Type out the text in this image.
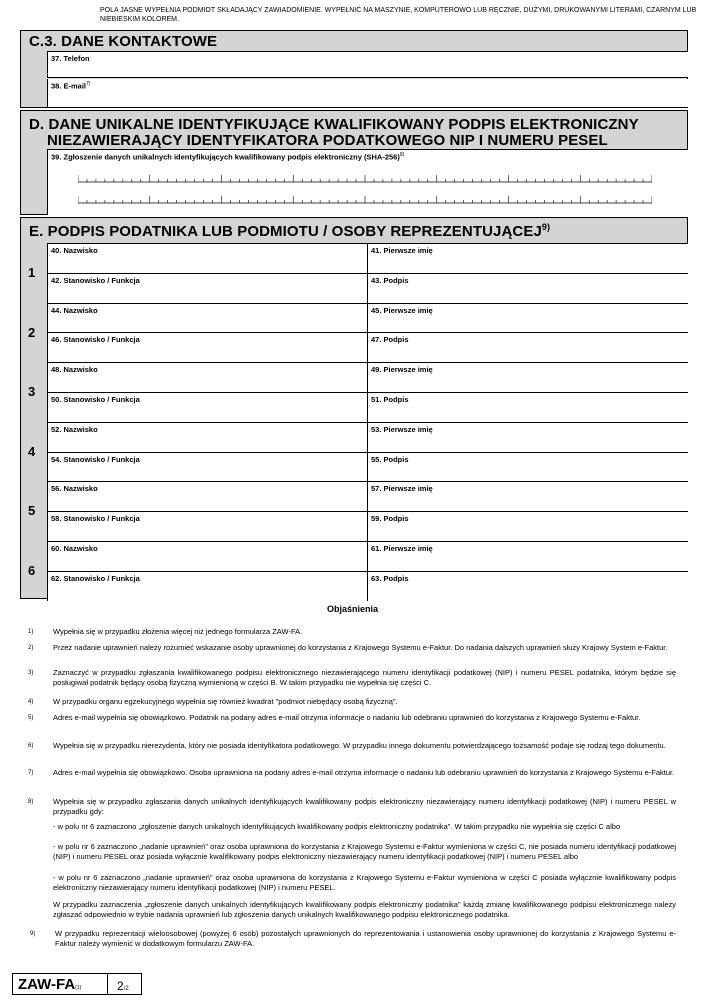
POLA JASNE WYPEŁNIA PODMIOT SKŁADAJĄCY ZAWIADOMIENIE. WYPEŁNIĆ NA MASZYNIE, KOMPUTEROWO LUB RĘCZNIE, DUŻYMI, DRUKOWANYMI LITERAMI, CZARNYM LUB NIEBIESKIM KOLOREM.
C.3. DANE KONTAKTOWE
37. Telefon
38. E-mail$^{7)}$
D. DANE UNIKALNE IDENTYFIKUJĄCE KWALIFIKOWANY PODPIS ELEKTRONICZNY
NIEZAWIERAJĄCY IDENTYFIKATORA PODATKOWEGO NIP I NUMERU PESEL
39. Zgłoszenie danych unikalnych identyfikujących kwalifikowany podpis elektroniczny $(SHA-256)^{8)}$
E. PODPIS PODATNIKA LUB PODMIOTU / OSOBY REPREZENTUJĄCEJ$^{9)}$
1
40. Nazwisko	41. Pierwsze imię
42. Stanowisko / Funkcja	43. Podpis
2
44. Nazwisko	45. Pierwsze imię
46. Stanowisko / Funkcja	47. Podpis
3
48. Nazwisko	49. Pierwsze imię
50. Stanowisko / Funkcja	51. Podpis
4
52. Nazwisko	53. Pierwsze imię
54. Stanowisko / Funkcja	55. Podpis
5
56. Nazwisko	57. Pierwsze imię
58. Stanowisko / Funkcja	59. Podpis
6
60. Nazwisko	61. Pierwsze imię
62. Stanowisko / Funkcja	63. Podpis
Objaśnienia
1)	Wypełnia się w przypadku złożenia więcej niż jednego formularza ZAW-FA.
2)	Przez nadanie uprawnień należy rozumieć wskazanie osoby uprawnionej do korzystania z Krajowego Systemu e-Faktur. Do nadania dalszych uprawnień służy Krajowy System e-Faktur.
3)	Zaznaczyć w przypadku zgłaszania kwalifikowanego podpisu elektronicznego niezawierającego numeru identyfikacji podatkowej (NIP) i numeru PESEL podatnika, którym będzie się posługiwał podatnik będący osobą fizyczną wymienioną w części B. W takim przypadku nie wypełnia się części C.
4)	W przypadku organu egzekucyjnego wypełnia się również kwadrat "podmiot niebędący osobą fizyczną".
5)	Adres e-mail wypełnia się obowiązkowo. Podatnik na podany adres e-mail otrzyma informacje o nadaniu lub odebraniu uprawnień do korzystania z Krajowego Systemu e-Faktur.
6)	Wypełnia się w przypadku nierezydenta, który nie posiada identyfikatora podatkowego. W przypadku innego dokumentu potwierdzającego tożsamość podaje się rodzaj tego dokumentu.
7)	Adres e-mail wypełnia się obowiązkowo. Osoba uprawniona na podany adres e-mail otrzyma informacje o nadaniu lub odebraniu uprawnień do korzystania z Krajowego Systemu e-Faktur.
8)	Wypełnia się w przypadku zgłaszania danych unikalnych identyfikujących kwalifikowany podpis elektroniczny niezawierający numeru identyfikacji podatkowej (NIP) i numeru PESEL w przypadku gdy:
- w polu nr 6 zaznaczono „zgłoszenie danych unikalnych identyfikujących kwalifikowany podpis elektroniczny podatnika". W takim przypadku nie wypełnia się części C albo
- w polu nr 6 zaznaczono „nadanie uprawnień" oraz osoba uprawniona do korzystania z Krajowego Systemu e-Faktur wymieniona w części C, nie posiada numeru identyfikacji podatkowej (NIP) i numeru PESEL oraz posiada wyłącznie kwalifikowany podpis elektroniczny niezawierający numeru identyfikacji podatkowej (NIP) i numeru PESEL albo
- w polu nr 6 zaznaczono „nadanie uprawnień" oraz osoba uprawniona do korzystania z Krajowego Systemu e-Faktur wymieniona w części C posiada wyłącznie kwalifikowany podpis elektroniczny niezawierający numeru identyfikacji podatkowej (NIP) i numeru PESEL.
W przypadku zaznaczenia „zgłoszenie danych unikalnych identyfikujących kwalifikowany podpis elektroniczny podatnika" każdą zmianę kwalifikowanego podpisu elektronicznego należy zgłaszać odpowiednio w trybie nadania uprawnień lub zgłoszenia danych unikalnych kwalifikowanego podpisu elektronicznego podatnika.
9)	W przypadku reprezentacji wieloosobowej (powyżej 6 osób) pozostałych uprawnionych do reprezentowania i ustanowienia osoby uprawnionej do korzystania z Krajowego Systemu e-Faktur należy wymienić w dodatkowym formularzu ZAW-FA.
ZAW-FA(1)	2/2
